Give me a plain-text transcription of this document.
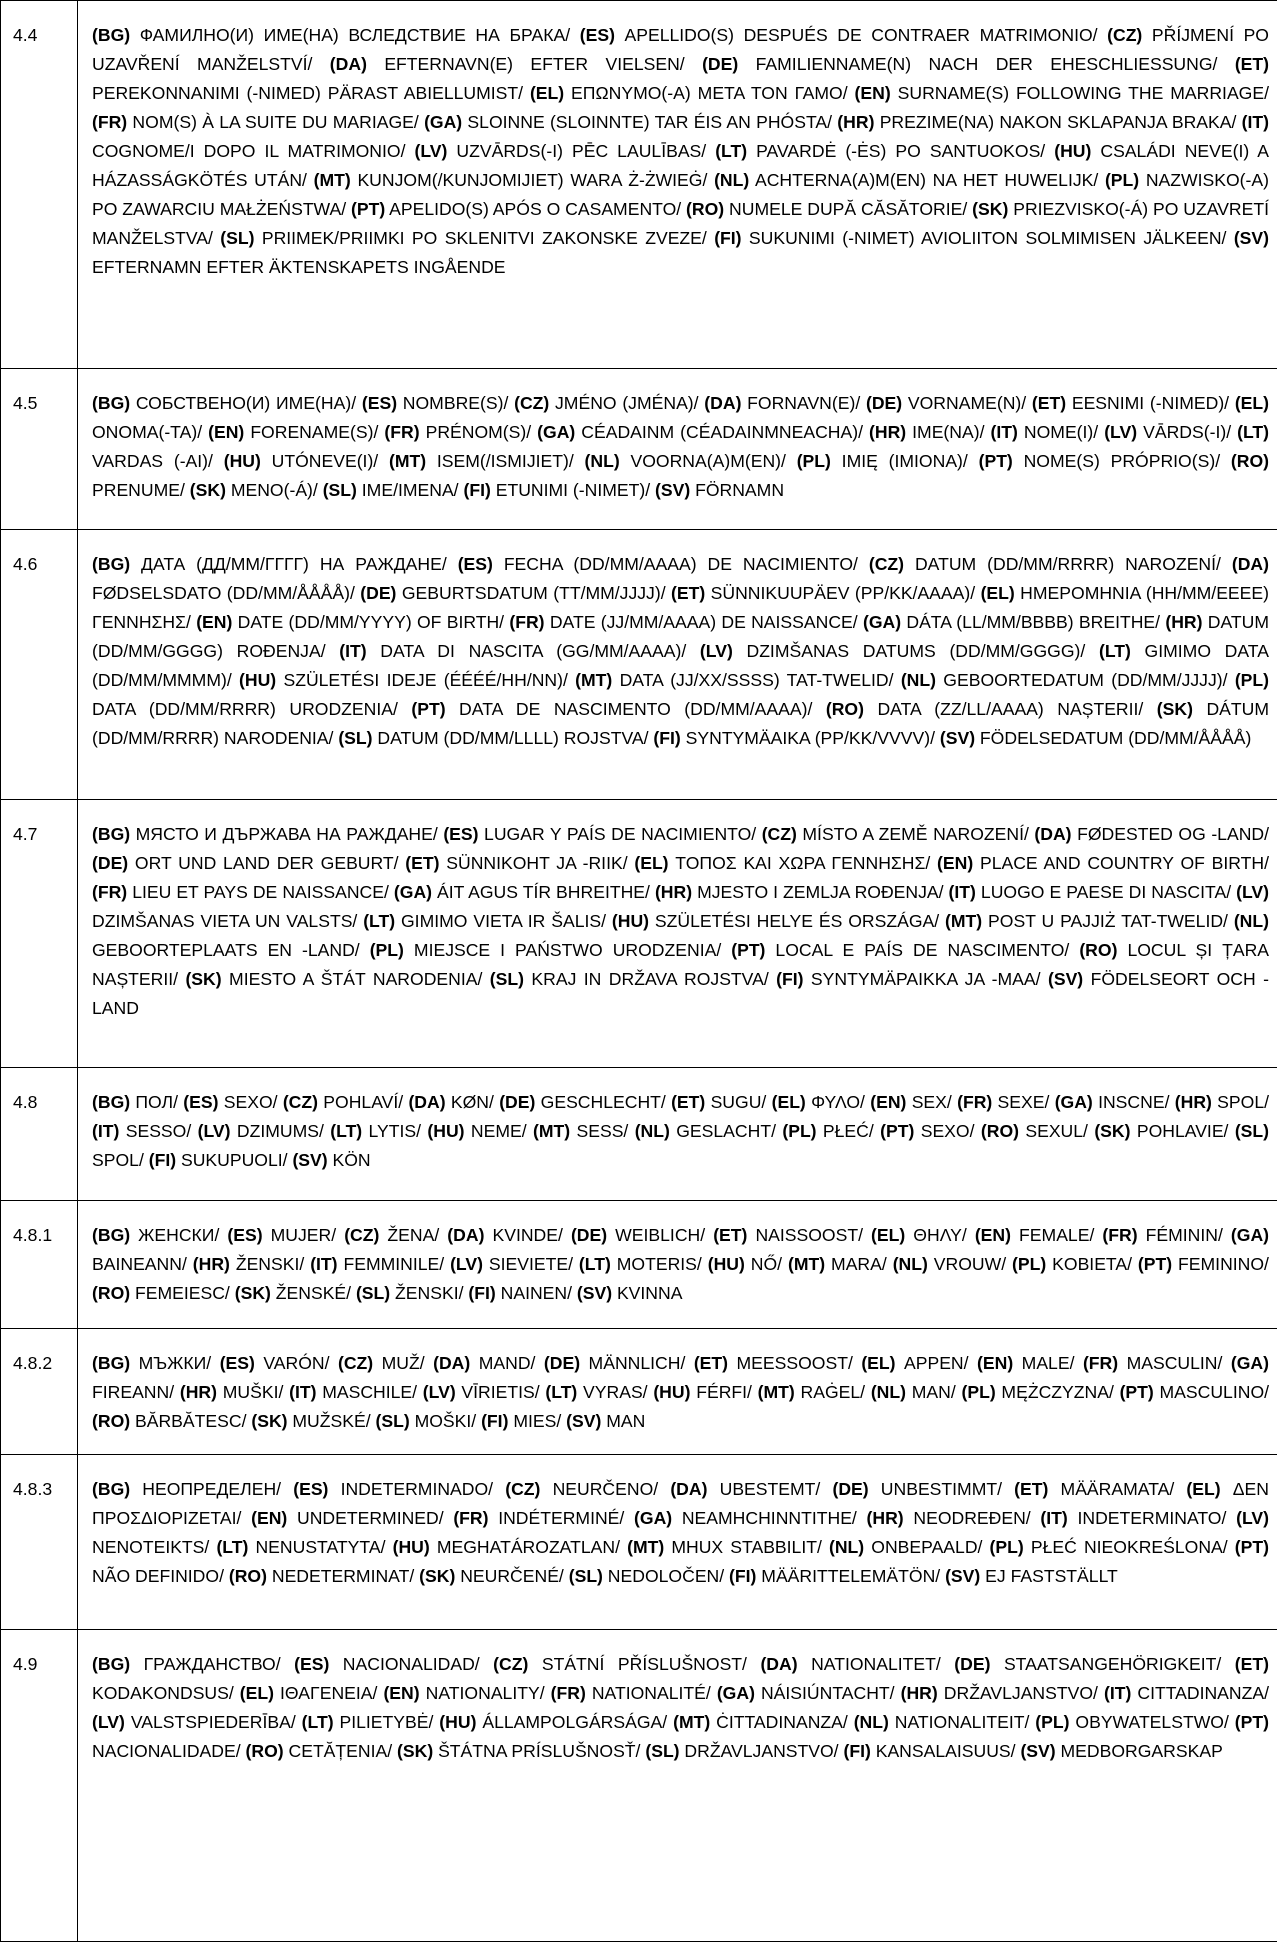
4.4	(BG) ФАМИЛНО(И) ИМЕ(НА) ВСЛЕДСТВИЕ НА БРАКА/ (ES) APELLIDO(S) DESPUÉS DE CONTRAER MATRIMONIO/ (CZ) PŘÍJMENÍ PO UZAVŘENÍ MANŽELSTVÍ/ (DA) EFTERNAVN(E) EFTER VIELSEN/ (DE) FAMILIENNAME(N) NACH DER EHESCHLIESSUNG/ (ET) PEREKONNANIMI (-NIMED) PÄRAST ABIELLUMIST/ (EL) ΕΠΩΝΥΜΟ(-Α) ΜΕΤΑ ΤΟΝ ΓΑΜΟ/ (EN) SURNAME(S) FOLLOWING THE MARRIAGE/ (FR) NOM(S) À LA SUITE DU MARIAGE/ (GA) SLOINNE (SLOINNTE) TAR ÉIS AN PHÓSTA/ (HR) PREZIME(NA) NAKON SKLAPANJA BRAKA/ (IT) COGNOME/I DOPO IL MATRIMONIO/ (LV) UZVĀRDS(-I) PĒC LAULĪBAS/ (LT) PAVARDĖ (-ĖS) PO SANTUOKOS/ (HU) CSALÁDI NEVE(I) A HÁZASSÁGKÖTÉS UTÁN/ (MT) KUNJOM(/KUNJOMIJIET) WARA Ż-ŻWIEĠ/ (NL) ACHTERNA(A)M(EN) NA HET HUWELIJK/ (PL) NAZWISKO(-A) PO ZAWARCIU MAŁŻEŃSTWA/ (PT) APELIDO(S) APÓS O CASAMENTO/ (RO) NUMELE DUPĂ CĂSĂTORIE/ (SK) PRIEZVISKO(-Á) PO UZAVRETÍ MANŽELSTVA/ (SL) PRIIMEK/PRIIMKI PO SKLENITVI ZAKONSKE ZVEZE/ (FI) SUKUNIMI (-NIMET) AVIOLIITON SOLMIMISEN JÄLKEEN/ (SV) EFTERNAMN EFTER ÄKTENSKAPETS INGÅENDE
4.5	(BG) СОБСТВЕНО(И) ИМЕ(НА)/ (ES) NOMBRE(S)/ (CZ) JMÉNO (JMÉNA)/ (DA) FORNAVN(E)/ (DE) VORNAME(N)/ (ET) EESNIMI (-NIMED)/ (EL) ΟΝΟΜΑ(-ΤΑ)/ (EN) FORENAME(S)/ (FR) PRÉNOM(S)/ (GA) CÉADAINM (CÉADAINMNEACHA)/ (HR) IME(NA)/ (IT) NOME(I)/ (LV) VĀRDS(-I)/ (LT) VARDAS (-AI)/ (HU) UTÓNEVE(I)/ (MT) ISEM(/ISMIJIET)/ (NL) VOORNA(A)M(EN)/ (PL) IMIĘ (IMIONA)/ (PT) NOME(S) PRÓPRIO(S)/ (RO) PRENUME/ (SK) MENO(-Á)/ (SL) IME/IMENA/ (FI) ETUNIMI (-NIMET)/ (SV) FÖRNAMN
4.6	(BG) ДАТА (ДД/ММ/ГГГГ) НА РАЖДАНЕ/ (ES) FECHA (DD/MM/AAAA) DE NACIMIENTO/ (CZ) DATUM (DD/MM/RRRR) NAROZENÍ/ (DA) FØDSELSDATO (DD/MM/ÅÅÅÅ)/ (DE) GEBURTSDATUM (TT/MM/JJJJ)/ (ET) SÜNNIKUUPÄEV (PP/KK/AAAA)/ (EL) ΗΜΕΡΟΜΗΝΙΑ (ΗΗ/ΜΜ/ΕΕΕΕ) ΓΕΝΝΗΣΗΣ/ (EN) DATE (DD/MM/YYYY) OF BIRTH/ (FR) DATE (JJ/MM/AAAA) DE NAISSANCE/ (GA) DÁTA (LL/MM/BBBB) BREITHE/ (HR) DATUM (DD/MM/GGGG) ROĐENJA/ (IT) DATA DI NASCITA (GG/MM/AAAA)/ (LV) DZIMŠANAS DATUMS (DD/MM/GGGG)/ (LT) GIMIMO DATA (DD/MM/MMMM)/ (HU) SZÜLETÉSI IDEJE (ÉÉÉÉ/HH/NN)/ (MT) DATA (JJ/XX/SSSS) TAT-TWELID/ (NL) GEBOORTEDATUM (DD/MM/JJJJ)/ (PL) DATA (DD/MM/RRRR) URODZENIA/ (PT) DATA DE NASCIMENTO (DD/MM/AAAA)/ (RO) DATA (ZZ/LL/AAAA) NAȘTERII/ (SK) DÁTUM (DD/MM/RRRR) NARODENIA/ (SL) DATUM (DD/MM/LLLL) ROJSTVA/ (FI) SYNTYMÄAIKA (PP/KK/VVVV)/ (SV) FÖDELSEDATUM (DD/MM/ÅÅÅÅ)
4.7	(BG) МЯСТО И ДЪРЖАВА НА РАЖДАНЕ/ (ES) LUGAR Y PAÍS DE NACIMIENTO/ (CZ) MÍSTO A ZEMĚ NAROZENÍ/ (DA) FØDESTED OG -LAND/ (DE) ORT UND LAND DER GEBURT/ (ET) SÜNNIKOHT JA -RIIK/ (EL) ΤΟΠΟΣ ΚΑΙ ΧΩΡΑ ΓΕΝΝΗΣΗΣ/ (EN) PLACE AND COUNTRY OF BIRTH/ (FR) LIEU ET PAYS DE NAISSANCE/ (GA) ÁIT AGUS TÍR BHREITHE/ (HR) MJESTO I ZEMLJA ROĐENJA/ (IT) LUOGO E PAESE DI NASCITA/ (LV) DZIMŠANAS VIETA UN VALSTS/ (LT) GIMIMO VIETA IR ŠALIS/ (HU) SZÜLETÉSI HELYE ÉS ORSZÁGA/ (MT) POST U PAJJIŻ TAT-TWELID/ (NL) GEBOORTEPLAATS EN -LAND/ (PL) MIEJSCE I PAŃSTWO URODZENIA/ (PT) LOCAL E PAÍS DE NASCIMENTO/ (RO) LOCUL ȘI ȚARA NAȘTERII/ (SK) MIESTO A ŠTÁT NARODENIA/ (SL) KRAJ IN DRŽAVA ROJSTVA/ (FI) SYNTYMÄPAIKKA JA -MAA/ (SV) FÖDELSEORT OCH -LAND
4.8	(BG) ПОЛ/ (ES) SEXO/ (CZ) POHLAVÍ/ (DA) KØN/ (DE) GESCHLECHT/ (ET) SUGU/ (EL) ΦΥΛΟ/ (EN) SEX/ (FR) SEXE/ (GA) INSCNE/ (HR) SPOL/ (IT) SESSO/ (LV) DZIMUMS/ (LT) LYTIS/ (HU) NEME/ (MT) SESS/ (NL) GESLACHT/ (PL) PŁEĆ/ (PT) SEXO/ (RO) SEXUL/ (SK) POHLAVIE/ (SL) SPOL/ (FI) SUKUPUOLI/ (SV) KÖN
4.8.1	(BG) ЖЕНСКИ/ (ES) MUJER/ (CZ) ŽENA/ (DA) KVINDE/ (DE) WEIBLICH/ (ET) NAISSOOST/ (EL) ΘΗΛΥ/ (EN) FEMALE/ (FR) FÉMININ/ (GA) BAINEANN/ (HR) ŽENSKI/ (IT) FEMMINILE/ (LV) SIEVIETE/ (LT) MOTERIS/ (HU) NŐ/ (MT) MARA/ (NL) VROUW/ (PL) KOBIETA/ (PT) FEMININO/ (RO) FEMEIESC/ (SK) ŽENSKÉ/ (SL) ŽENSKI/ (FI) NAINEN/ (SV) KVINNA
4.8.2	(BG) МЪЖКИ/ (ES) VARÓN/ (CZ) MUŽ/ (DA) MAND/ (DE) MÄNNLICH/ (ET) MEESSOOST/ (EL) ΑΡΡΕΝ/ (EN) MALE/ (FR) MASCULIN/ (GA) FIREANN/ (HR) MUŠKI/ (IT) MASCHILE/ (LV) VĪRIETIS/ (LT) VYRAS/ (HU) FÉRFI/ (MT) RAĠEL/ (NL) MAN/ (PL) MĘŻCZYZNA/ (PT) MASCULINO/ (RO) BĂRBĂTESC/ (SK) MUŽSKÉ/ (SL) MOŠKI/ (FI) MIES/ (SV) MAN
4.8.3	(BG) НЕОПРЕДЕЛЕН/ (ES) INDETERMINADO/ (CZ) NEURČENO/ (DA) UBESTEMT/ (DE) UNBESTIMMT/ (ET) MÄÄRAMATA/ (EL) ΔΕΝ ΠΡΟΣΔΙΟΡΙΖΕΤΑΙ/ (EN) UNDETERMINED/ (FR) INDÉTERMINÉ/ (GA) NEAMHCHINNTITHE/ (HR) NEODREĐEN/ (IT) INDETERMINATO/ (LV) NENOTEIKTS/ (LT) NENUSTATYTA/ (HU) MEGHATÁROZATLAN/ (MT) MHUX STABBILIT/ (NL) ONBEPAALD/ (PL) PŁEĆ NIEOKREŚLONA/ (PT) NÃO DEFINIDO/ (RO) NEDETERMINAT/ (SK) NEURČENÉ/ (SL) NEDOLOČEN/ (FI) MÄÄRITTELEMÄTÖN/ (SV) EJ FASTSTÄLLT
4.9	(BG) ГРАЖДАНСТВО/ (ES) NACIONALIDAD/ (CZ) STÁTNÍ PŘÍSLUŠNOST/ (DA) NATIONALITET/ (DE) STAATSANGEHÖRIGKEIT/ (ET) KODAKONDSUS/ (EL) ΙΘΑΓΕΝΕΙΑ/ (EN) NATIONALITY/ (FR) NATIONALITÉ/ (GA) NÁISIÚNTACHT/ (HR) DRŽAVLJANSTVO/ (IT) CITTADINANZA/ (LV) VALSTSPIEDERĪBA/ (LT) PILIETYBĖ/ (HU) ÁLLAMPOLGÁRSÁGA/ (MT) ĊITTADINANZA/ (NL) NATIONALITEIT/ (PL) OBYWATELSTWO/ (PT) NACIONALIDADE/ (RO) CETĂȚENIA/ (SK) ŠTÁTNA PRÍSLUŠNOSŤ/ (SL) DRŽAVLJANSTVO/ (FI) KANSALAISUUS/ (SV) MEDBORGARSKAP
